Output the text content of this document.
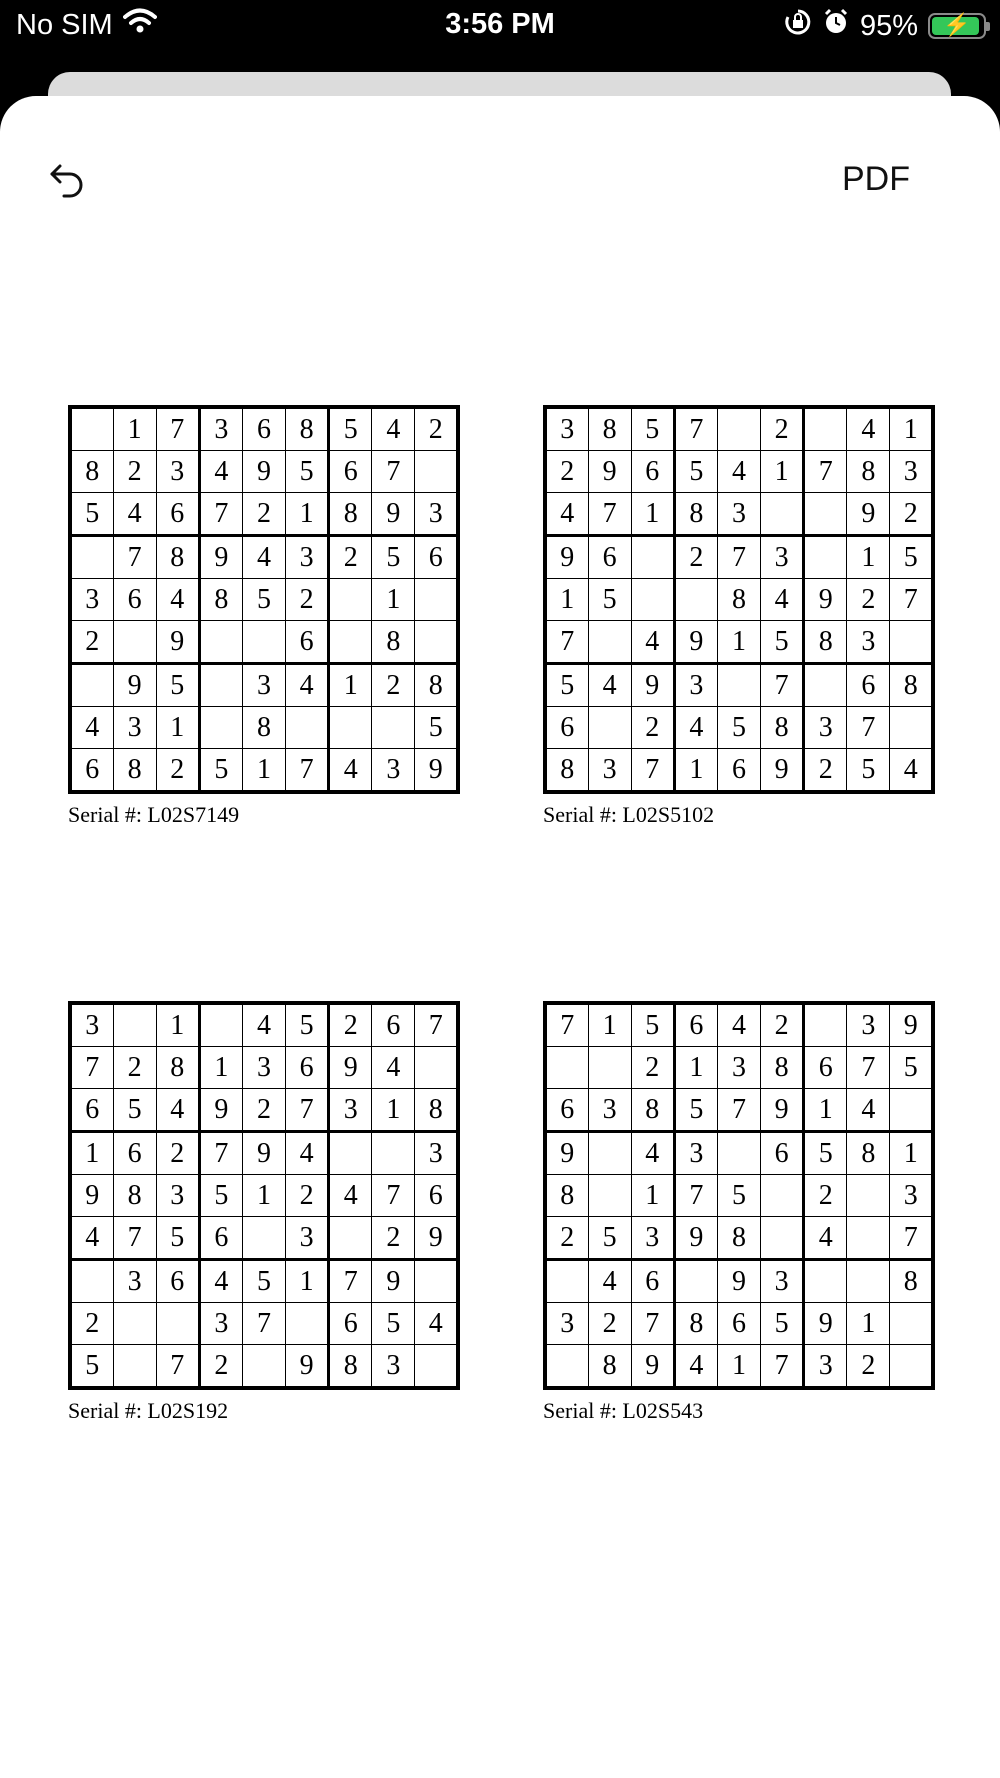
No SIM	3:56 PM	95%	⚡
PDF
	1	7	3	6	8	5	4	2
8	2	3	4	9	5	6	7	
5	4	6	7	2	1	8	9	3
	7	8	9	4	3	2	5	6
3	6	4	8	5	2		1	
2		9			6		8	
	9	5		3	4	1	2	8
4	3	1		8				5
6	8	2	5	1	7	4	3	9
Serial #: L02S7149
3	8	5	7		2		4	1
2	9	6	5	4	1	7	8	3
4	7	1	8	3			9	2
9	6		2	7	3		1	5
1	5			8	4	9	2	7
7		4	9	1	5	8	3	
5	4	9	3		7		6	8
6		2	4	5	8	3	7	
8	3	7	1	6	9	2	5	4
Serial #: L02S5102
3		1		4	5	2	6	7
7	2	8	1	3	6	9	4	
6	5	4	9	2	7	3	1	8
1	6	2	7	9	4			3
9	8	3	5	1	2	4	7	6
4	7	5	6		3		2	9
	3	6	4	5	1	7	9	
2			3	7		6	5	4
5		7	2		9	8	3	
Serial #: L02S192
7	1	5	6	4	2		3	9
		2	1	3	8	6	7	5
6	3	8	5	7	9	1	4	
9		4	3		6	5	8	1
8		1	7	5		2		3
2	5	3	9	8		4		7
	4	6		9	3			8
3	2	7	8	6	5	9	1	
	8	9	4	1	7	3	2	
Serial #: L02S543
